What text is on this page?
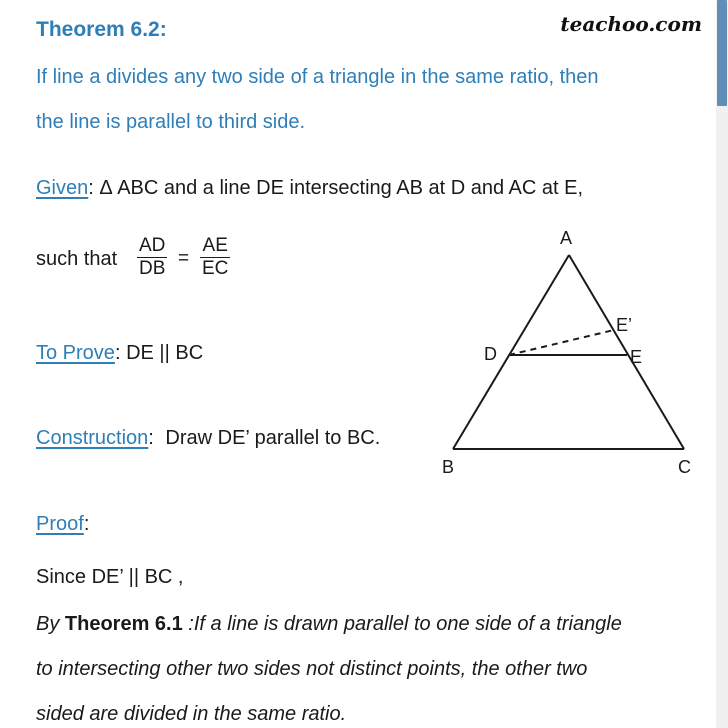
Theorem 6.2:	teachoo.com
If line a divides any two side of a triangle in the same ratio, then
the line is parallel to third side.
Given: Δ ABC and a line DE intersecting AB at D and AC at E,
such that $\frac{AD}{DB} = \frac{AE}{EC}$
To Prove: DE || BC
Construction: Draw DE’ parallel to BC.
Proof:
Since DE’ || BC ,
By Theorem 6.1 :If a line is drawn parallel to one side of a triangle
to intersecting other two sides not distinct points, the other two
sided are divided in the same ratio.
A
B	C
D	E
E’
